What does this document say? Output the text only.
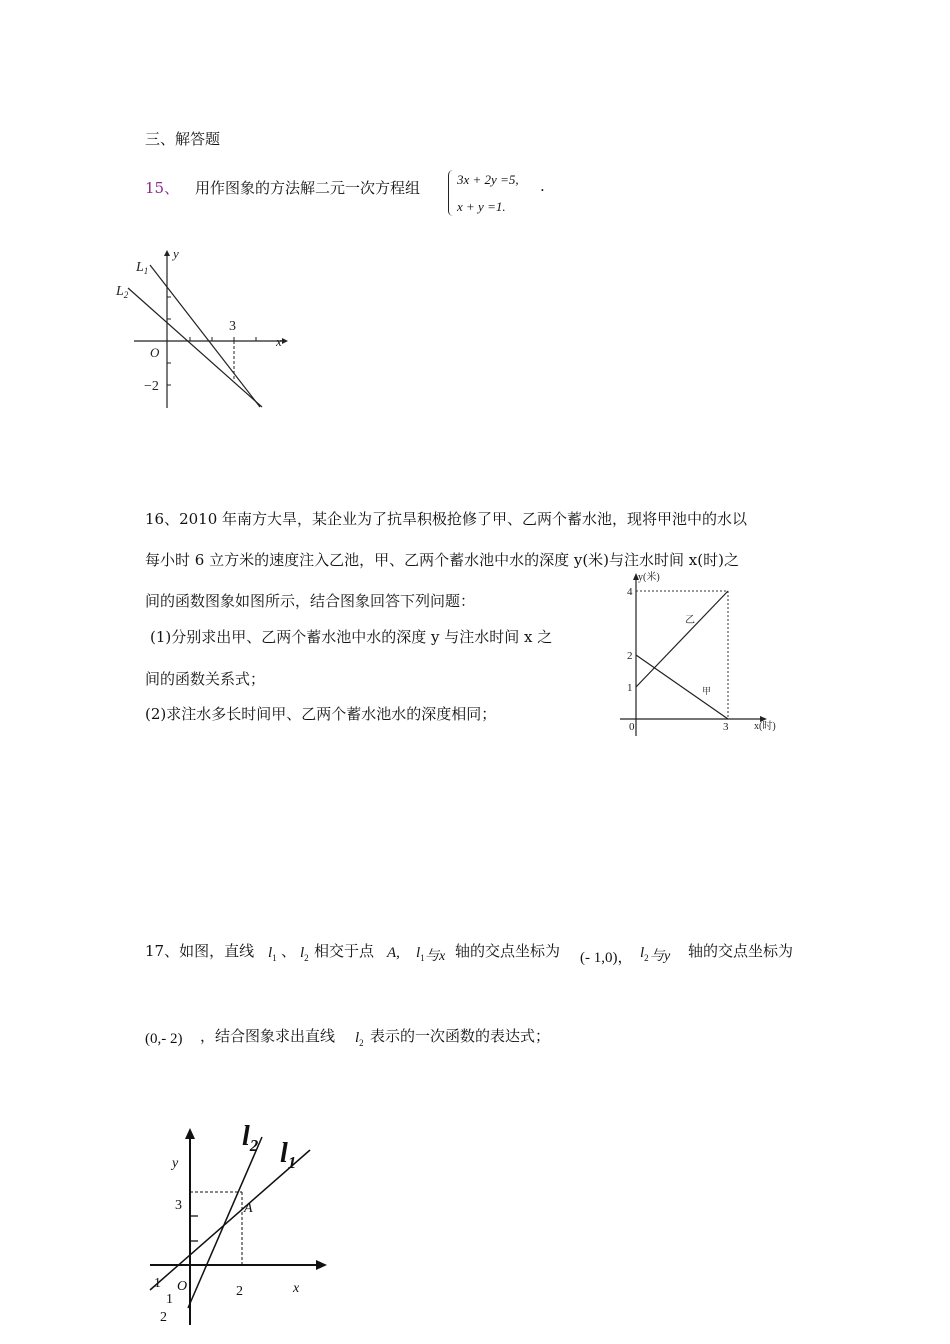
三、解答题
15、 用作图象的方法解二元一次方程组	3x + 2y =5,
x + y =1.
.
$L_1$
$L_2$
y
x
O
3
−2
16、2010 年南方大旱，某企业为了抗旱积极抢修了甲、乙两个蓄水池，现将甲池中的水以
每小时 6 立方米的速度注入乙池，甲、乙两个蓄水池中水的深度 y(米)与注水时间 x(时)之
间的函数图象如图所示，结合图象回答下列问题：
(1)分别求出甲、乙两个蓄水池中水的深度 y 与注水时间 x 之
间的函数关系式；
(2)求注水多长时间甲、乙两个蓄水池水的深度相同；
y(米)
x(时)
4
2
1
0	3
乙
甲
17、如图，直线 $l_1$ 、 $l_2$ 相交于点 A, $l_1$ 与x 轴的交点坐标为 (- 1,0)， $l_2$ 与y 轴的交点坐标为
(0,- 2) ，结合图象求出直线 $l_2$ 表示的一次函数的表达式；
$l_2$ $l_1$
y
x
3	A
O	2
1
1
2
